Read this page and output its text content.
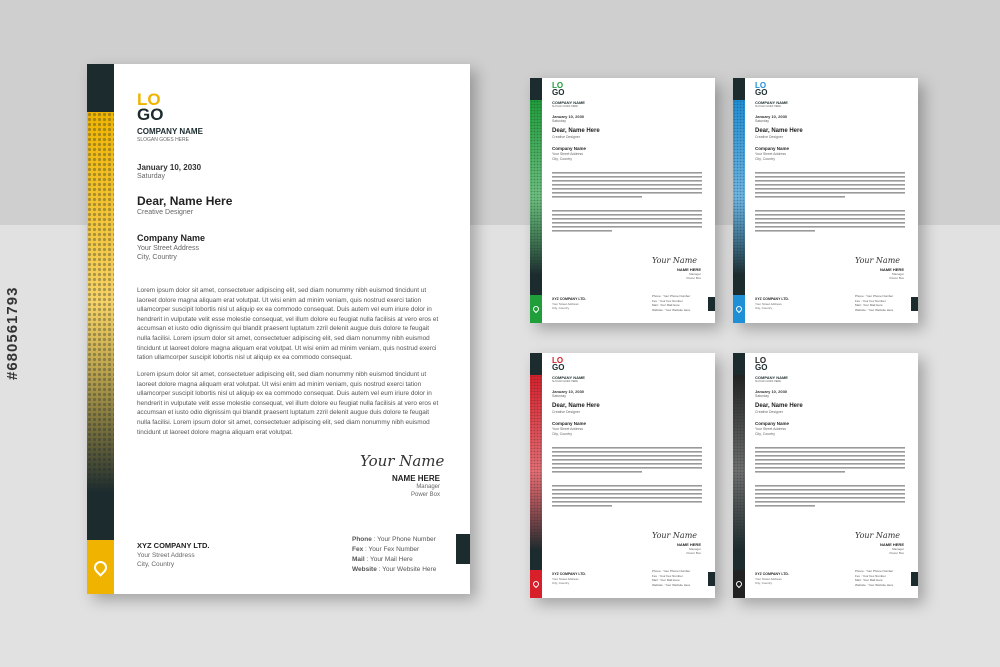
LO
GO
COMPANY NAME
SLOGAN GOES HERE
January 10, 2030
Saturday
Dear, Name Here
Creative Designer
Company Name
Your Street Address
City, Country
Lorem ipsum dolor sit amet, consectetuer adipiscing elit, sed diam nonummy nibh euismod tincidunt ut laoreet dolore magna aliquam erat volutpat. Ut wisi enim ad minim veniam, quis nostrud exerci tation ullamcorper suscipit lobortis nisl ut aliquip ex ea commodo consequat. Duis autem vel eum iriure dolor in hendrerit in vulputate velit esse molestie consequat, vel illum dolore eu feugiat nulla facilisis at vero eros et accumsan et iusto odio dignissim qui blandit praesent luptatum zzril delenit augue duis dolore te feugait nulla facilisi. Lorem ipsum dolor sit amet, consectetuer adipiscing elit, sed diam nonummy nibh euismod tincidunt ut laoreet dolore magna aliquam erat volutpat. Ut wisi enim ad minim veniam, quis nostrud exerci tation ullamcorper suscipit lobortis nisl ut aliquip ex ea commodo consequat.
Lorem ipsum dolor sit amet, consectetuer adipiscing elit, sed diam nonummy nibh euismod tincidunt ut laoreet dolore magna aliquam erat volutpat. Ut wisi enim ad minim veniam, quis nostrud exerci tation ullamcorper suscipit lobortis nisl ut aliquip ex ea commodo consequat. Duis autem vel eum iriure dolor in hendrerit in vulputate velit esse molestie consequat, vel illum dolore eu feugiat nulla facilisis at vero eros et accumsan et iusto odio dignissim qui blandit praesent luptatum zzril delenit augue duis dolore te feugait nulla facilisi. Lorem ipsum dolor sit amet, consectetuer adipiscing elit, sed diam nonummy nibh euismod tincidunt ut laoreet dolore magna aliquam erat volutpat.
Your Name
NAME HERE
Manager
Power Box
XYZ COMPANY LTD.
Your Street Address
City, Country
Phone : Your Phone Number
Fex : Your Fex Number
Mail : Your Mail Here
Website : Your Website Here
LO
GO
COMPANY NAME
SLOGAN GOES HERE
January 10, 2030
Saturday
Dear, Name Here
Creative Designer
Company Name
Your Street Address
City, Country
Your Name
NAME HERE
Manager
Power Box
XYZ COMPANY LTD.
Your Street Address
City, Country
Phone : Your Phone Number
Fex : Your Fex Number
Mail : Your Mail Here
Website : Your Website Here
LO
GO
COMPANY NAME
SLOGAN GOES HERE
January 10, 2030
Saturday
Dear, Name Here
Creative Designer
Company Name
Your Street Address
City, Country
Your Name
NAME HERE
Manager
Power Box
XYZ COMPANY LTD.
Your Street Address
City, Country
Phone : Your Phone Number
Fex : Your Fex Number
Mail : Your Mail Here
Website : Your Website Here
LO
GO
COMPANY NAME
SLOGAN GOES HERE
January 10, 2030
Saturday
Dear, Name Here
Creative Designer
Company Name
Your Street Address
City, Country
Your Name
NAME HERE
Manager
Power Box
XYZ COMPANY LTD.
Your Street Address
City, Country
Phone : Your Phone Number
Fex : Your Fex Number
Mail : Your Mail Here
Website : Your Website Here
LO
GO
COMPANY NAME
SLOGAN GOES HERE
January 10, 2030
Saturday
Dear, Name Here
Creative Designer
Company Name
Your Street Address
City, Country
Your Name
NAME HERE
Manager
Power Box
XYZ COMPANY LTD.
Your Street Address
City, Country
Phone : Your Phone Number
Fex : Your Fex Number
Mail : Your Mail Here
Website : Your Website Here
#680561793
